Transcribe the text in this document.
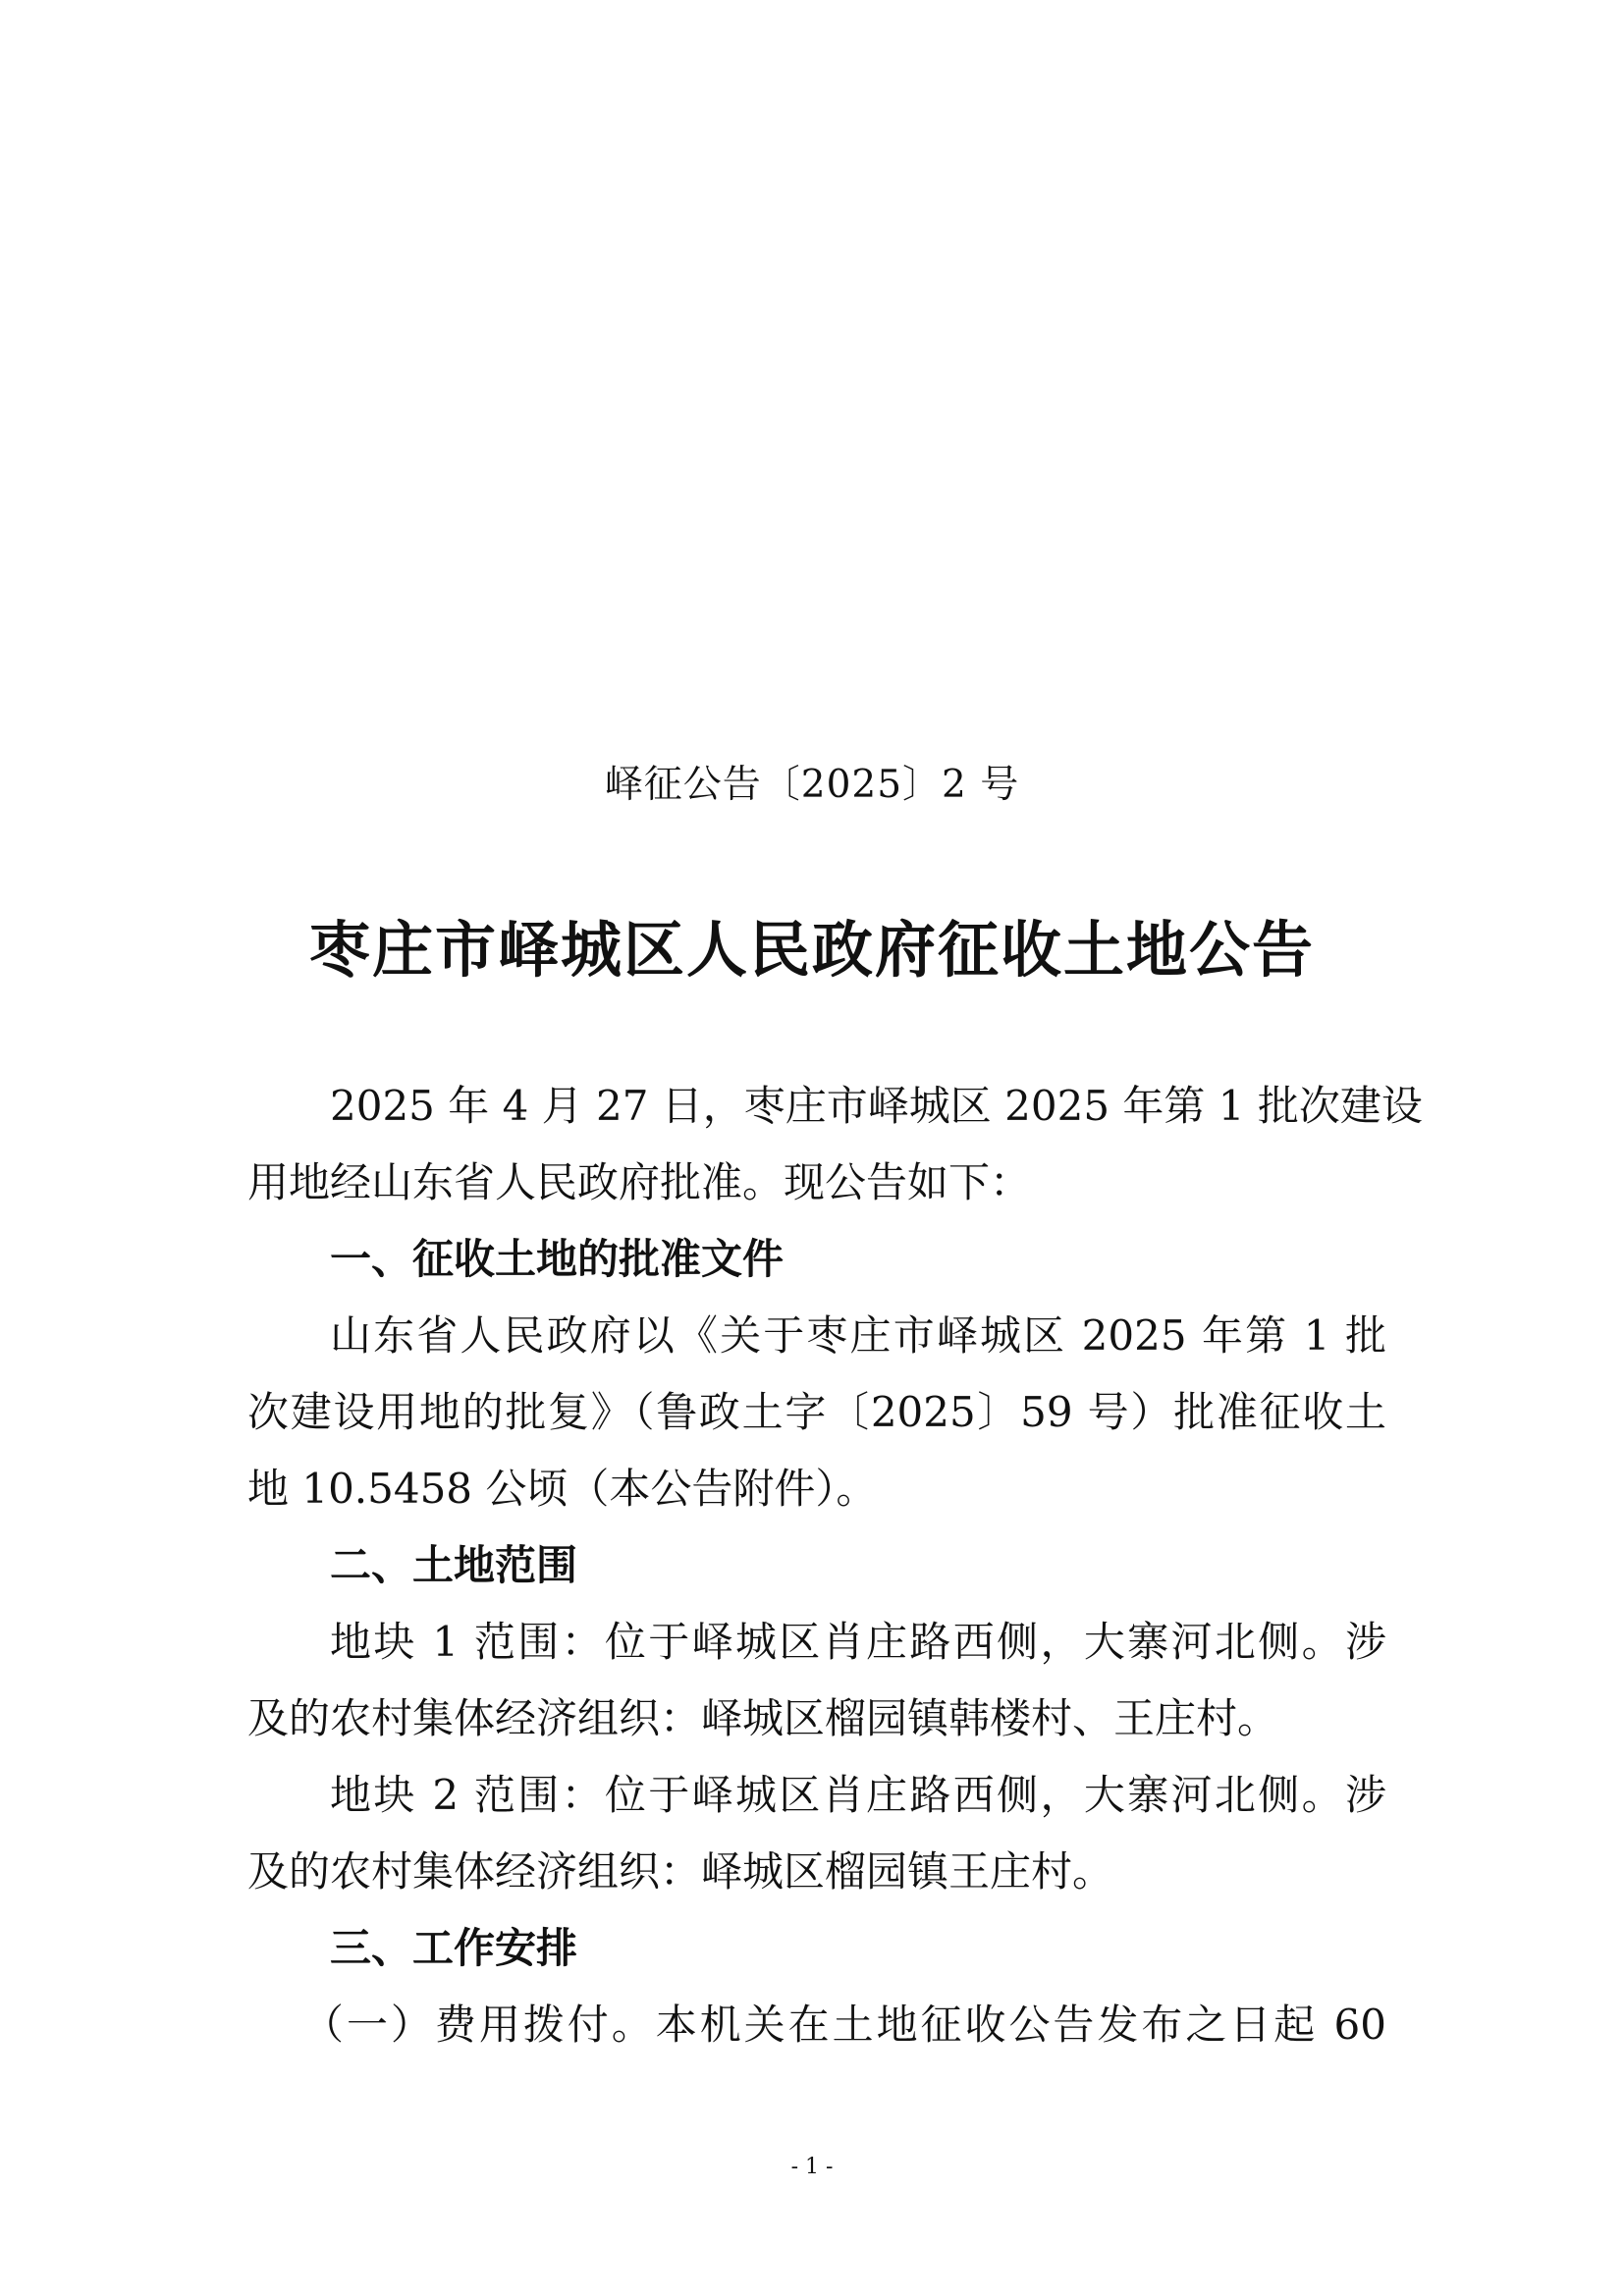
峄征公告〔2025〕2 号
枣庄市峄城区人民政府征收土地公告
2025 年 4 月 27 日，枣庄市峄城区 2025 年第 1 批次建设
用地经山东省人民政府批准。现公告如下：
一、征收土地的批准文件
山东省人民政府以《关于枣庄市峄城区 2025 年第 1 批
次建设用地的批复》（鲁政土字〔2025〕59 号）批准征收土
地 10.5458 公顷（本公告附件）。
二、土地范围
地块 1 范围：位于峄城区肖庄路西侧，大寨河北侧。涉
及的农村集体经济组织：峄城区榴园镇韩楼村、王庄村。
地块 2 范围：位于峄城区肖庄路西侧，大寨河北侧。涉
及的农村集体经济组织：峄城区榴园镇王庄村。
三、工作安排
（一）费用拨付。本机关在土地征收公告发布之日起 60
- 1 -
